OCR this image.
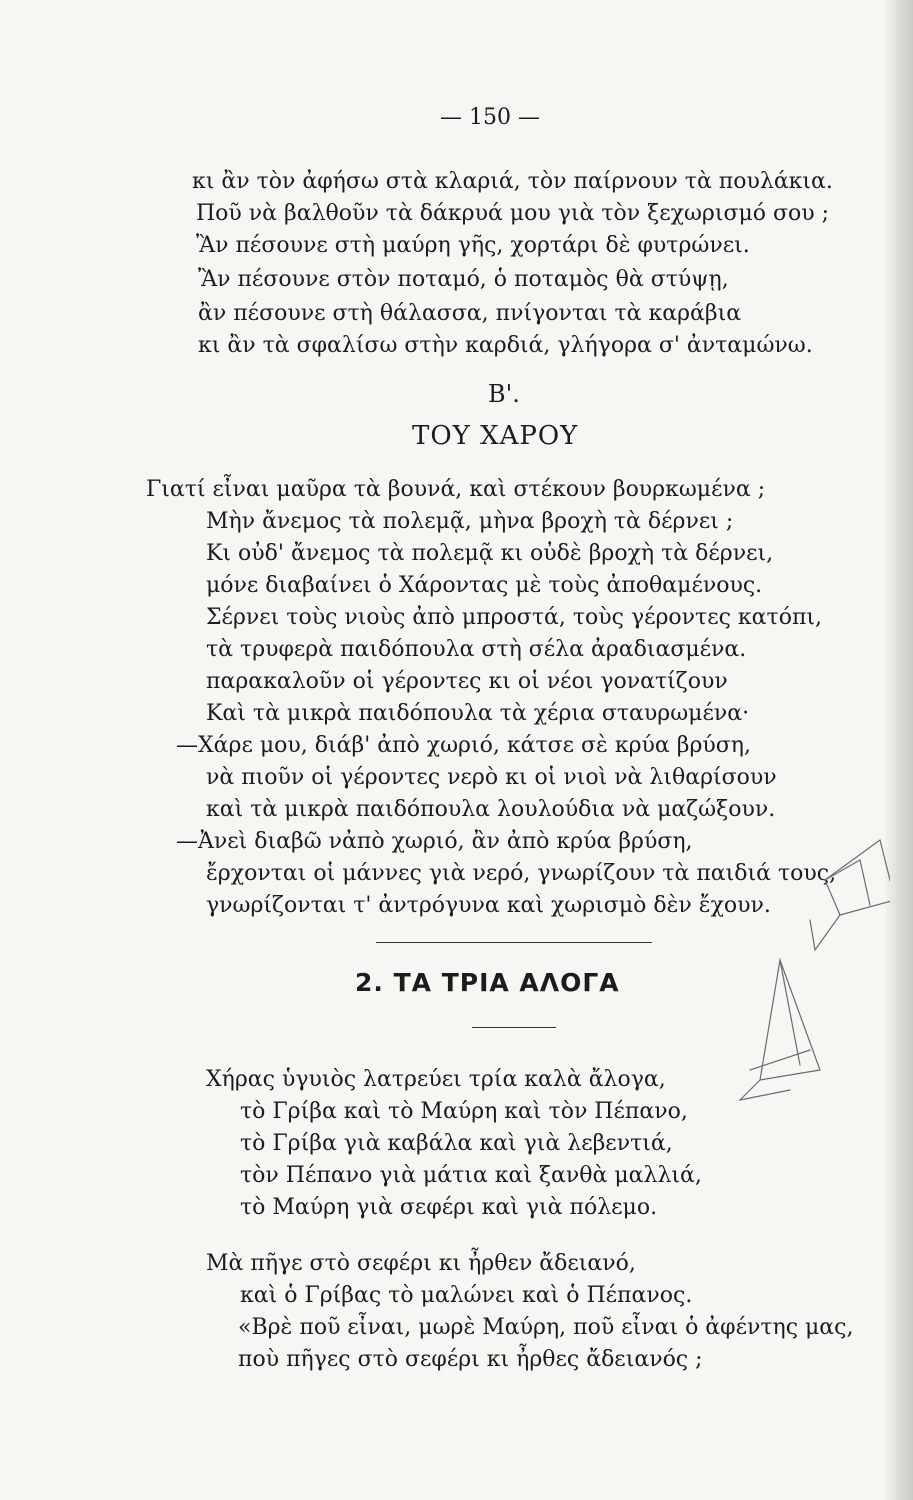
— 150 —
κι ἂν τὸν ἀφήσω στὰ κλαριά, τὸν παίρνουν τὰ πουλάκια.
Ποῦ νὰ βαλθοῦν τὰ δάκρυά μου γιὰ τὸν ξεχωρισμό σου ;
Ἂν πέσουνε στὴ μαύρη γῆς, χορτάρι δὲ φυτρώνει.
Ἂν πέσουνε στὸν ποταμό, ὁ ποταμὸς θὰ στύψῃ,
ἂν πέσουνε στὴ θάλασσα, πνίγονται τὰ καράβια
κι ἂν τὰ σφαλίσω στὴν καρδιά, γλήγορα σ' ἀνταμώνω.
Β'.
ΤΟΥ ΧΑΡΟΥ
Γιατί εἶναι μαῦρα τὰ βουνά, καὶ στέκουν βουρκωμένα ;
Μὴν ἄνεμος τὰ πολεμᾷ, μὴνα βροχὴ τὰ δέρνει ;
Κι οὐδ' ἄνεμος τὰ πολεμᾷ κι οὐδὲ βροχὴ τὰ δέρνει,
μόνε διαβαίνει ὁ Χάροντας μὲ τοὺς ἀποθαμένους.
Σέρνει τοὺς νιοὺς ἀπὸ μπροστά, τοὺς γέροντες κατόπι,
τὰ τρυφερὰ παιδόπουλα στὴ σέλα ἀραδιασμένα.
παρακαλοῦν οἱ γέροντες κι οἱ νέοι γονατίζουν
Καὶ τὰ μικρὰ παιδόπουλα τὰ χέρια σταυρωμένα·
—Χάρε μου, διάβ' ἀπὸ χωριό, κάτσε σὲ κρύα βρύση,
νὰ πιοῦν οἱ γέροντες νερὸ κι οἱ νιοὶ νὰ λιθαρίσουν
καὶ τὰ μικρὰ παιδόπουλα λουλούδια νὰ μαζώξουν.
—Ἀνεὶ διαβῶ νἀπὸ χωριό, ἂν ἀπὸ κρύα βρύση,
ἔρχονται οἱ μάννες γιὰ νερό, γνωρίζουν τὰ παιδιά τους,
γνωρίζονται τ' ἀντρόγυνα καὶ χωρισμὸ δὲν ἔχουν.
2. ΤΑ ΤΡΙΑ ΑΛΟΓΑ
Χήρας ὑγυιὸς λατρεύει τρία καλὰ ἄλογα,
τὸ Γρίβα καὶ τὸ Μαύρη καὶ τὸν Πέπανο,
τὸ Γρίβα γιὰ καβάλα καὶ γιὰ λεβεντιά,
τὸν Πέπανο γιὰ μάτια καὶ ξανθὰ μαλλιά,
τὸ Μαύρη γιὰ σεφέρι καὶ γιὰ πόλεμο.
Μὰ πῆγε στὸ σεφέρι κι ἦρθεν ἄδειανό,
καὶ ὁ Γρίβας τὸ μαλώνει καὶ ὁ Πέπανος.
«Βρὲ ποῦ εἶναι, μωρὲ Μαύρη, ποῦ εἶναι ὁ ἀφέντης μας,
ποὺ πῆγες στὸ σεφέρι κι ἦρθες ἄδειανός ;
